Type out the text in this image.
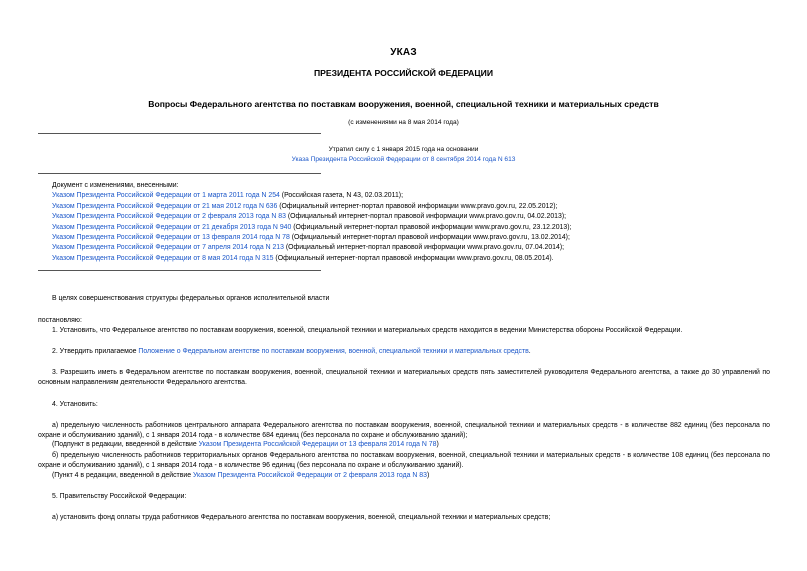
УКАЗ
ПРЕЗИДЕНТА РОССИЙСКОЙ ФЕДЕРАЦИИ
Вопросы Федерального агентства по поставкам вооружения, военной, специальной техники и материальных средств
(с изменениями на 8 мая 2014 года)
Утратил силу с 1 января 2015 года на основании
Указа Президента Российской Федерации от 8 сентября 2014 года N 613
Документ с изменениями, внесенными:
Указом Президента Российской Федерации от 1 марта 2011 года N 254 (Российская газета, N 43, 02.03.2011);
Указом Президента Российской Федерации от 21 мая 2012 года N 636 (Официальный интернет-портал правовой информации www.pravo.gov.ru, 22.05.2012);
Указом Президента Российской Федерации от 2 февраля 2013 года N 83 (Официальный интернет-портал правовой информации www.pravo.gov.ru, 04.02.2013);
Указом Президента Российской Федерации от 21 декабря 2013 года N 940 (Официальный интернет-портал правовой информации www.pravo.gov.ru, 23.12.2013);
Указом Президента Российской Федерации от 13 февраля 2014 года N 78 (Официальный интернет-портал правовой информации www.pravo.gov.ru, 13.02.2014);
Указом Президента Российской Федерации от 7 апреля 2014 года N 213 (Официальный интернет-портал правовой информации www.pravo.gov.ru, 07.04.2014);
Указом Президента Российской Федерации от 8 мая 2014 года N 315 (Официальный интернет-портал правовой информации www.pravo.gov.ru, 08.05.2014).
В целях совершенствования структуры федеральных органов исполнительной власти
постановляю:
1. Установить, что Федеральное агентство по поставкам вооружения, военной, специальной техники и материальных средств находится в ведении Министерства обороны Российской Федерации.
2. Утвердить прилагаемое Положение о Федеральном агентстве по поставкам вооружения, военной, специальной техники и материальных средств.
3. Разрешить иметь в Федеральном агентстве по поставкам вооружения, военной, специальной техники и материальных средств пять заместителей руководителя Федерального агентства, а также до 30 управлений по основным направлениям деятельности Федерального агентства.
4. Установить:
а) предельную численность работников центрального аппарата Федерального агентства по поставкам вооружения, военной, специальной техники и материальных средств - в количестве 882 единиц (без персонала по охране и обслуживанию зданий), с 1 января 2014 года - в количестве 684 единиц (без персонала по охране и обслуживанию зданий);
(Подпункт в редакции, введенной в действие Указом Президента Российской Федерации от 13 февраля 2014 года N 78)
б) предельную численность работников территориальных органов Федерального агентства по поставкам вооружения, военной, специальной техники и материальных средств - в количестве 108 единиц (без персонала по охране и обслуживанию зданий), с 1 января 2014 года - в количестве 96 единиц (без персонала по охране и обслуживанию зданий).
(Пункт 4 в редакции, введенной в действие Указом Президента Российской Федерации от 2 февраля 2013 года N 83)
5. Правительству Российской Федерации:
а) установить фонд оплаты труда работников Федерального агентства по поставкам вооружения, военной, специальной техники и материальных средств;
